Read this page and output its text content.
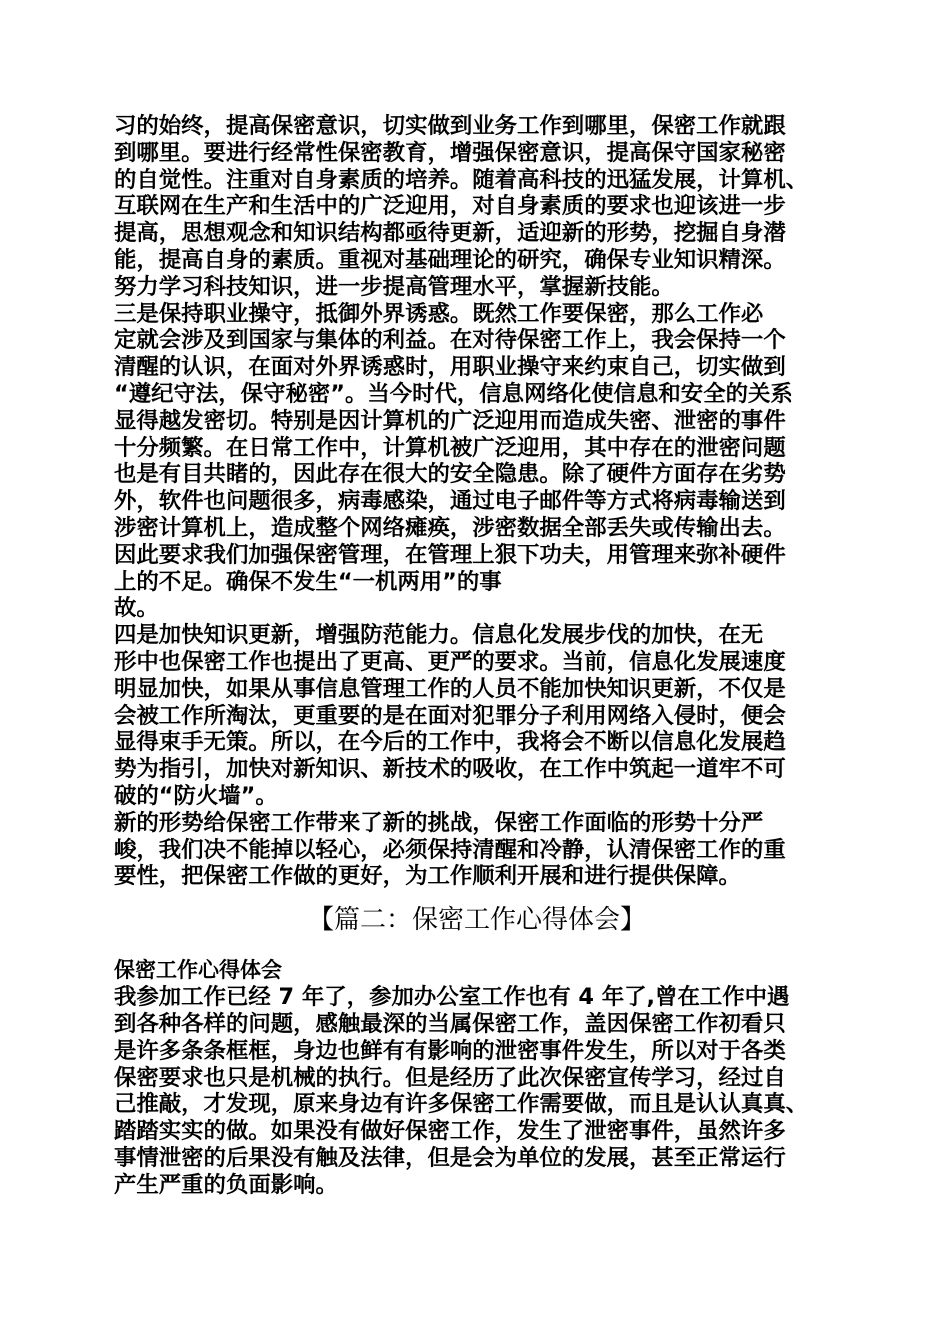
习的始终，提高保密意识，切实做到业务工作到哪里，保密工作就跟
到哪里。要进行经常性保密教育，增强保密意识，提高保守国家秘密
的自觉性。注重对自身素质的培养。随着高科技的迅猛发展，计算机、
互联网在生产和生活中的广泛迎用，对自身素质的要求也迎该进一步
提高，思想观念和知识结构都亟待更新，适迎新的形势，挖掘自身潜
能，提高自身的素质。重视对基础理论的研究，确保专业知识精深。
努力学习科技知识，进一步提高管理水平，掌握新技能。
三是保持职业操守，抵御外界诱惑。既然工作要保密，那么工作必
定就会涉及到国家与集体的利益。在对待保密工作上，我会保持一个
清醒的认识，在面对外界诱惑时，用职业操守来约束自己，切实做到
“遵纪守法，保守秘密”。当今时代，信息网络化使信息和安全的关系
显得越发密切。特别是因计算机的广泛迎用而造成失密、泄密的事件
十分频繁。在日常工作中，计算机被广泛迎用，其中存在的泄密问题
也是有目共睹的，因此存在很大的安全隐患。除了硬件方面存在劣势
外，软件也问题很多，病毒感染，通过电子邮件等方式将病毒输送到
涉密计算机上，造成整个网络瘫痪，涉密数据全部丢失或传输出去。
因此要求我们加强保密管理，在管理上狠下功夫，用管理来弥补硬件
上的不足。确保不发生“一机两用”的事
故。
四是加快知识更新，增强防范能力。信息化发展步伐的加快，在无
形中也保密工作也提出了更高、更严的要求。当前，信息化发展速度
明显加快，如果从事信息管理工作的人员不能加快知识更新，不仅是
会被工作所淘汰，更重要的是在面对犯罪分子利用网络入侵时，便会
显得束手无策。所以，在今后的工作中，我将会不断以信息化发展趋
势为指引，加快对新知识、新技术的吸收，在工作中筑起一道牢不可
破的“防火墙”。
新的形势给保密工作带来了新的挑战，保密工作面临的形势十分严
峻，我们决不能掉以轻心，必须保持清醒和冷静，认清保密工作的重
要性，把保密工作做的更好，为工作顺利开展和进行提供保障。
【篇二：保密工作心得体会】
保密工作心得体会
我参加工作已经 7 年了，参加办公室工作也有 4 年了,曾在工作中遇
到各种各样的问题，感触最深的当属保密工作，盖因保密工作初看只
是许多条条框框，身边也鲜有有影响的泄密事件发生，所以对于各类
保密要求也只是机械的执行。但是经历了此次保密宣传学习，经过自
己推敲，才发现，原来身边有许多保密工作需要做，而且是认认真真、
踏踏实实的做。如果没有做好保密工作，发生了泄密事件，虽然许多
事情泄密的后果没有触及法律，但是会为单位的发展，甚至正常运行
产生严重的负面影响。
